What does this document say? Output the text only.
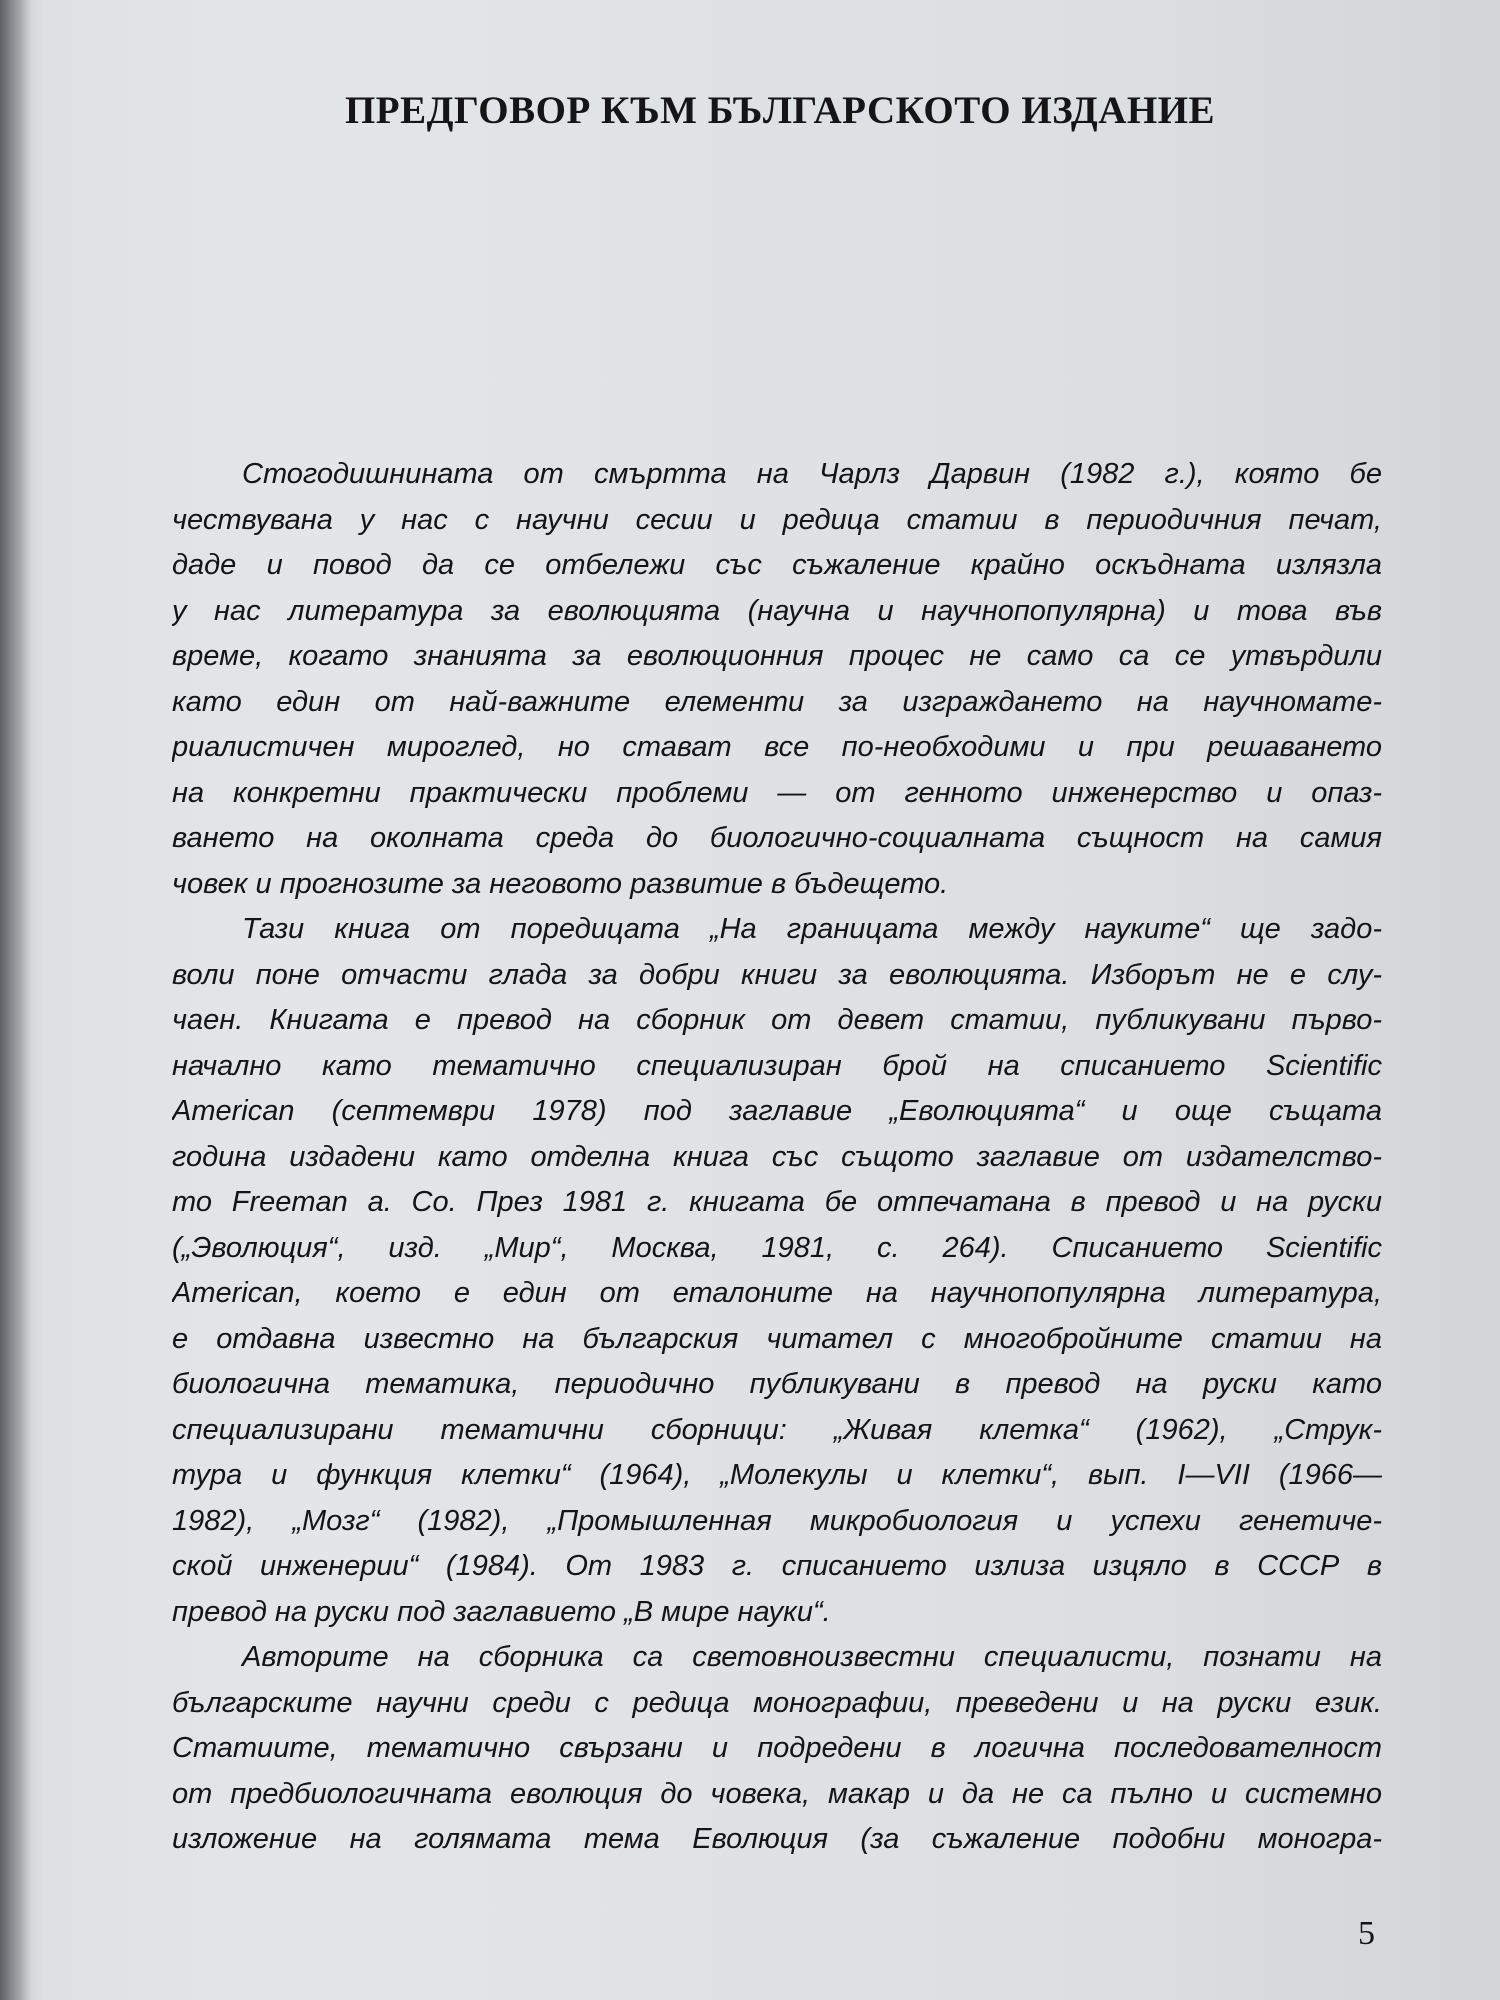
ПРЕДГОВОР КЪМ БЪЛГАРСКОТО ИЗДАНИЕ
Стогодишнината от смъртта на Чарлз Дарвин (1982 г.), която бе
чествувана у нас с научни сесии и редица статии в периодичния печат,
даде и повод да се отбележи със съжаление крайно оскъдната излязла
у нас литература за еволюцията (научна и научнопопулярна) и това във
време, когато знанията за еволюционния процес не само са се утвърдили
като един от най-важните елементи за изграждането на научномате-
риалистичен мироглед, но стават все по-необходими и при решаването
на конкретни практически проблеми — от генното инженерство и опаз-
ването на околната среда до биологично-социалната същност на самия
човек и прогнозите за неговото развитие в бъдещето.
Тази книга от поредицата „На границата между науките“ ще задо-
воли поне отчасти глада за добри книги за еволюцията. Изборът не е слу-
чаен. Книгата е превод на сборник от девет статии, публикувани първо-
начално като тематично специализиран брой на списанието Scientific
American (септември 1978) под заглавие „Еволюцията“ и още същата
година издадени като отделна книга със същото заглавие от издателство-
то Freeman a. Co. През 1981 г. книгата бе отпечатана в превод и на руски
(„Эволюция“, изд. „Мир“, Москва, 1981, с. 264). Списанието Scientific
American, което е един от еталоните на научнопопулярна литература,
е отдавна известно на българския читател с многобройните статии на
биологична тематика, периодично публикувани в превод на руски като
специализирани тематични сборници: „Живая клетка“ (1962), „Струк-
тура и функция клетки“ (1964), „Молекулы и клетки“, вып. I—VII (1966—
1982), „Мозг“ (1982), „Промышленная микробиология и успехи генетиче-
ской инженерии“ (1984). От 1983 г. списанието излиза изцяло в СССР в
превод на руски под заглавието „В мире науки“.
Авторите на сборника са световноизвестни специалисти, познати на
българските научни среди с редица монографии, преведени и на руски език.
Статиите, тематично свързани и подредени в логична последователност
от предбиологичната еволюция до човека, макар и да не са пълно и системно
изложение на голямата тема Еволюция (за съжаление подобни моногра-
5
